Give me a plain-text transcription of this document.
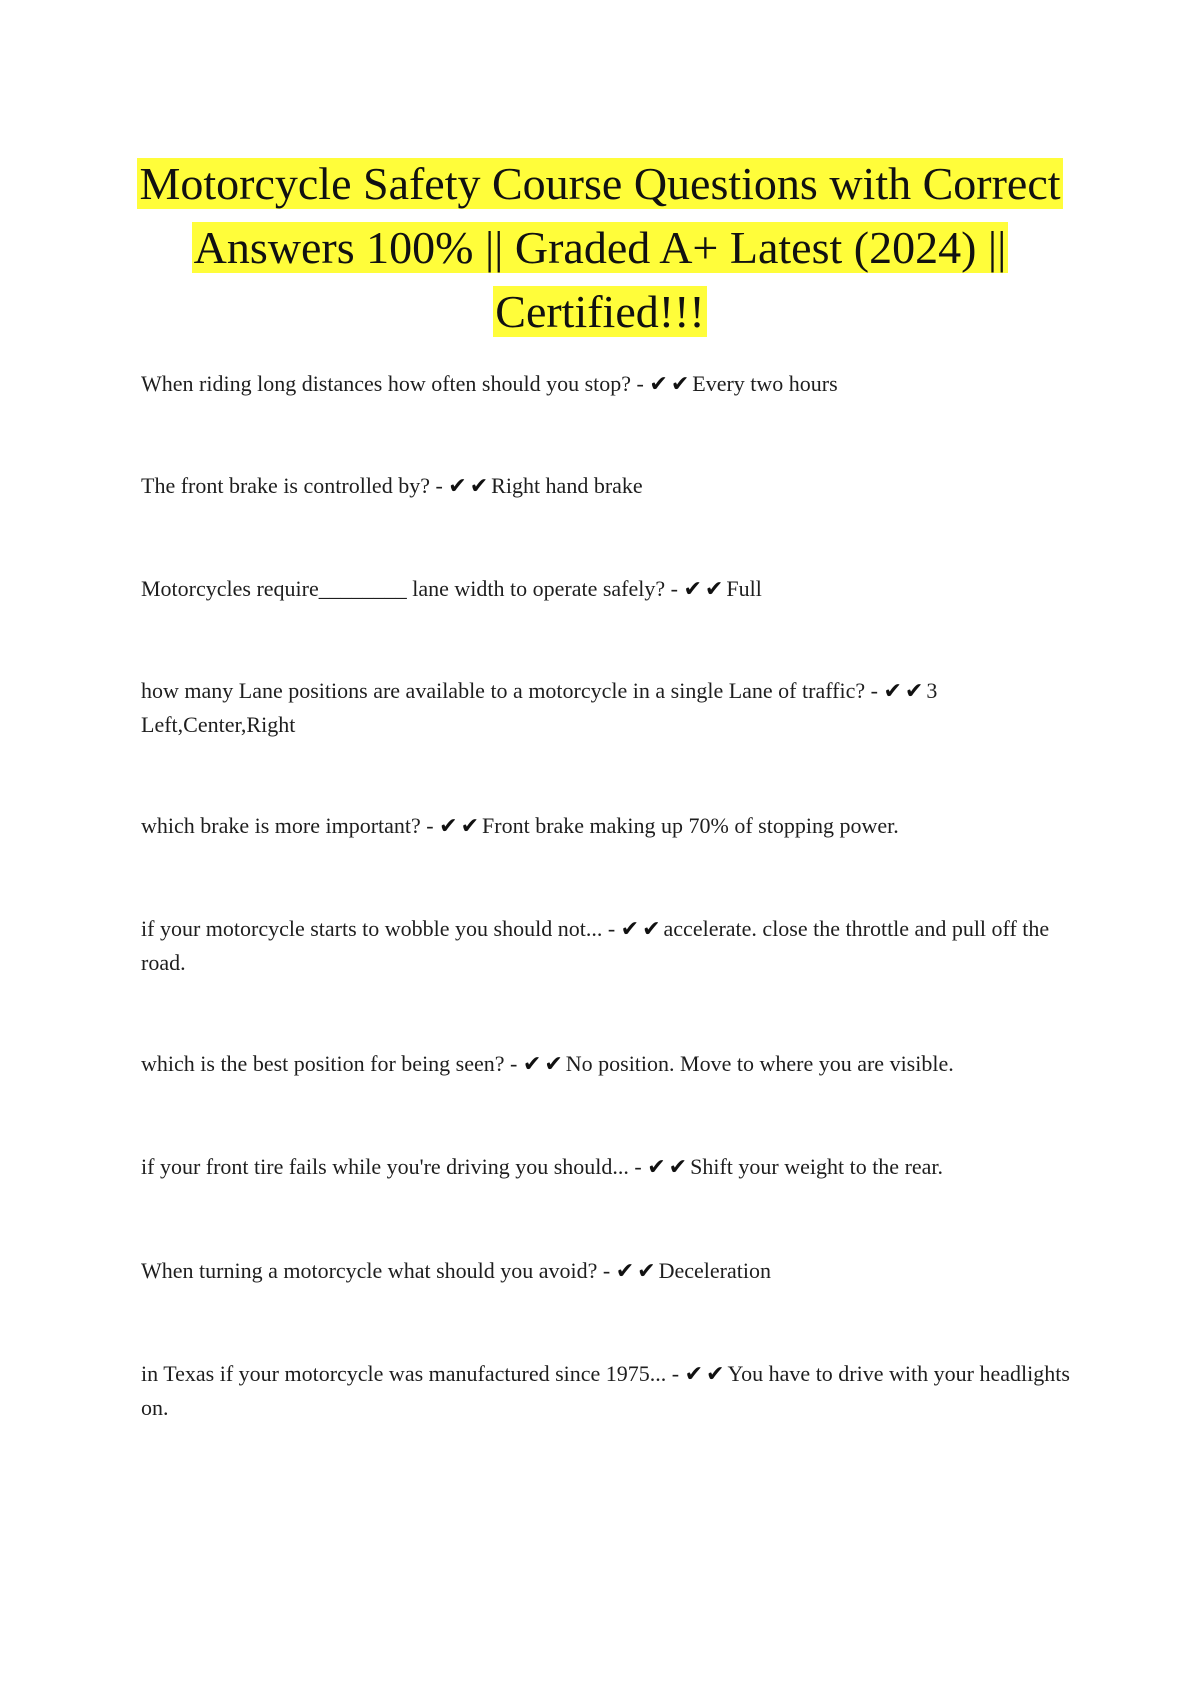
Motorcycle Safety Course Questions with Correct Answers 100% || Graded A+ Latest (2024) || Certified!!!
When riding long distances how often should you stop? - ✔ ✔ Every two hours
The front brake is controlled by? - ✔ ✔ Right hand brake
Motorcycles require________ lane width to operate safely? - ✔ ✔ Full
how many Lane positions are available to a motorcycle in a single Lane of traffic? - ✔ ✔ 3 Left,Center,Right
which brake is more important? - ✔ ✔ Front brake making up 70% of stopping power.
if your motorcycle starts to wobble you should not... - ✔ ✔ accelerate. close the throttle and pull off the road.
which is the best position for being seen? - ✔ ✔ No position. Move to where you are visible.
if your front tire fails while you're driving you should... - ✔ ✔ Shift your weight to the rear.
When turning a motorcycle what should you avoid? - ✔ ✔ Deceleration
in Texas if your motorcycle was manufactured since 1975... - ✔ ✔ You have to drive with your headlights on.
